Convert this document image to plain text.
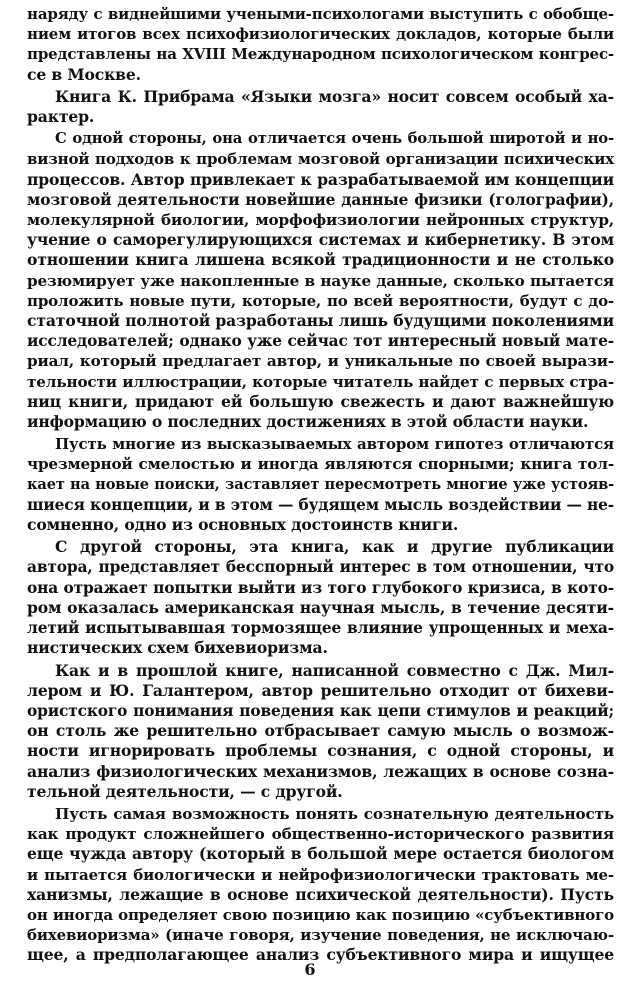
наряду с виднейшими учеными-психологами выступить с обобще-
нием итогов всех психофизиологических докладов, которые были
представлены на XVIII Международном психологическом конгрес-
се в Москве.
Книга К. Прибрама «Языки мозга» носит совсем особый ха-
рактер.
С одной стороны, она отличается очень большой широтой и но-
визной подходов к проблемам мозговой организации психических
процессов. Автор привлекает к разрабатываемой им концепции
мозговой деятельности новейшие данные физики (голографии),
молекулярной биологии, морфофизиологии нейронных структур,
учение о саморегулирующихся системах и кибернетику. В этом
отношении книга лишена всякой традиционности и не столько
резюмирует уже накопленные в науке данные, сколько пытается
проложить новые пути, которые, по всей вероятности, будут с до-
статочной полнотой разработаны лишь будущими поколениями
исследователей; однако уже сейчас тот интересный новый мате-
риал, который предлагает автор, и уникальные по своей вырази-
тельности иллюстрации, которые читатель найдет с первых стра-
ниц книги, придают ей большую свежесть и дают важнейшую
информацию о последних достижениях в этой области науки.
Пусть многие из высказываемых автором гипотез отличаются
чрезмерной смелостью и иногда являются спорными; книга тол-
кает на новые поиски, заставляет пересмотреть многие уже устояв-
шиеся концепции, и в этом — будящем мысль воздействии — не-
сомненно, одно из основных достоинств книги.
С другой стороны, эта книга, как и другие публикации
автора, представляет бесспорный интерес в том отношении, что
она отражает попытки выйти из того глубокого кризиса, в кото-
ром оказалась американская научная мысль, в течение десяти-
летий испытывавшая тормозящее влияние упрощенных и меха-
нистических схем бихевиоризма.
Как и в прошлой книге, написанной совместно с Дж. Мил-
лером и Ю. Галантером, автор решительно отходит от бихеви-
ористского понимания поведения как цепи стимулов и реакций;
он столь же решительно отбрасывает самую мысль о возмож-
ности игнорировать проблемы сознания, с одной стороны, и
анализ физиологических механизмов, лежащих в основе созна-
тельной деятельности, — с другой.
Пусть самая возможность понять сознательную деятельность
как продукт сложнейшего общественно-исторического развития
еще чужда автору (который в большой мере остается биологом
и пытается биологически и нейрофизиологически трактовать ме-
ханизмы, лежащие в основе психической деятельности). Пусть
он иногда определяет свою позицию как позицию «субъективного
бихевиоризма» (иначе говоря, изучение поведения, не исключаю-
щее, а предполагающее анализ субъективного мира и ищущее
6
